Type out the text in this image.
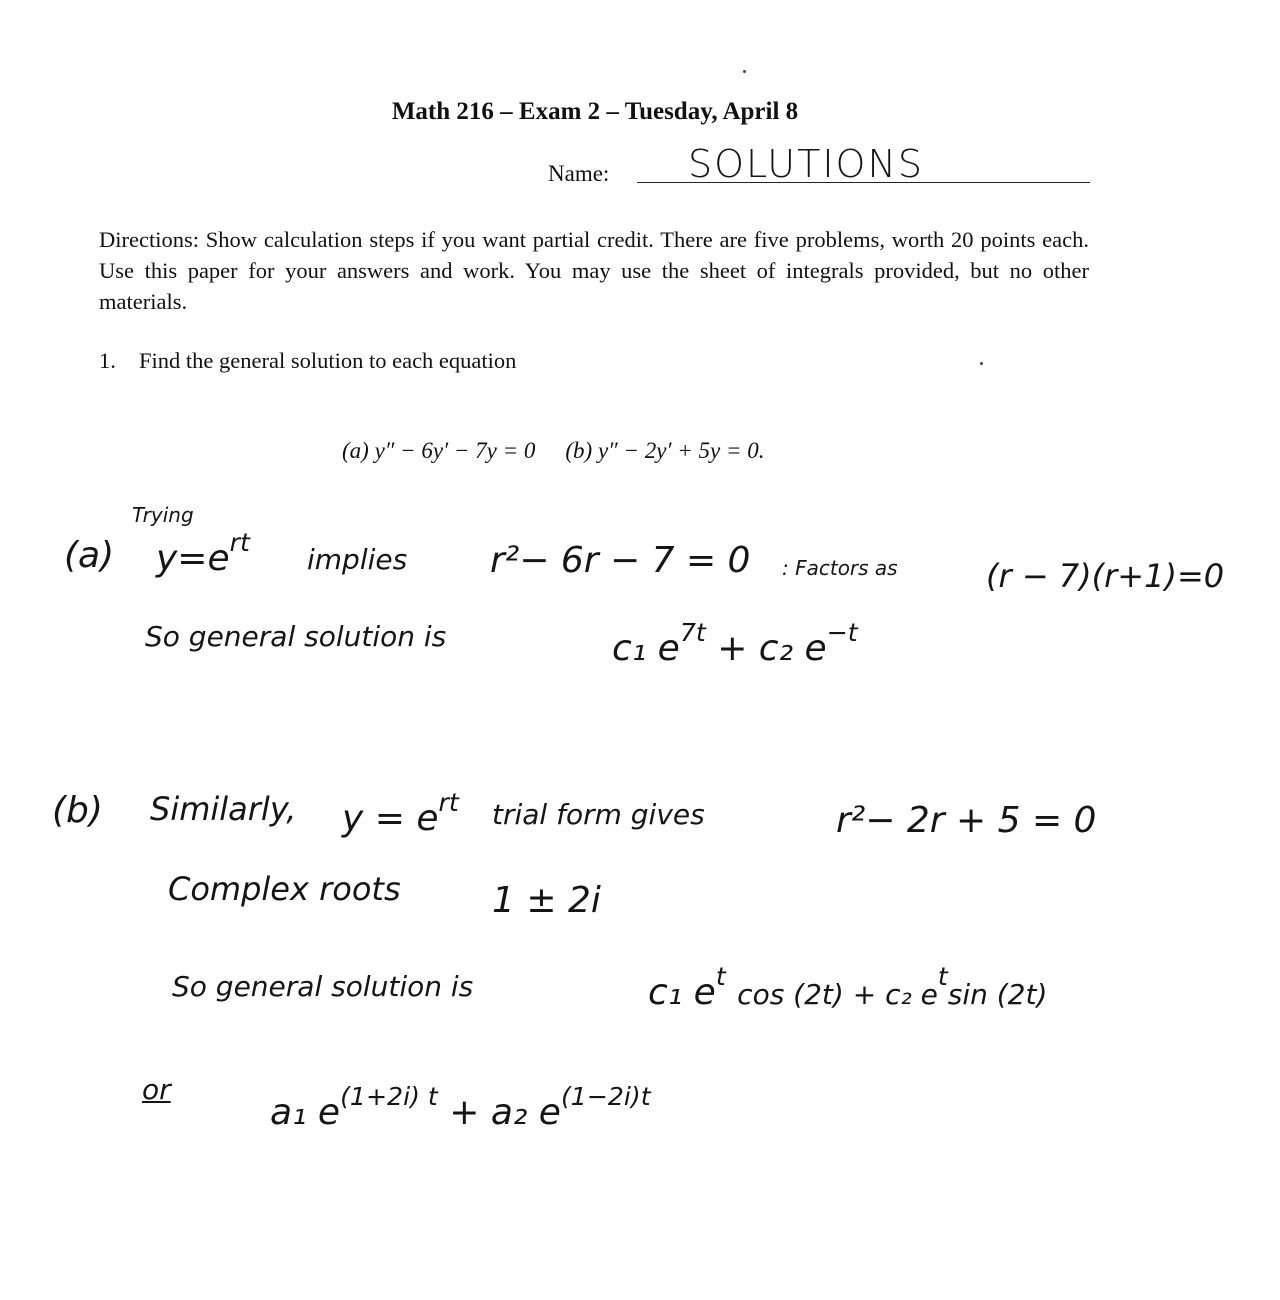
Math 216 – Exam 2 – Tuesday, April 8
Name: SOLUTIONS
Directions: Show calculation steps if you want partial credit. There are five problems, worth 20 points each. Use this paper for your answers and work. You may use the sheet of integrals provided, but no other materials.
1. Find the general solution to each equation
(a) y″ − 6y′ − 7y = 0 (b) y″ − 2y′ + 5y = 0.
Trying
(a) $y=e^{rt}$
implies r²− 6r − 7 = 0 : Factors as	(r − 7)(r+1)=0
So general solution is	c₁ $e^{7t} + c_2$ $e^{-t}$
(b) Similarly, $y = e^{rt}$ trial form gives	r²− 2r + 5 = 0
Complex roots	1 ± 2i
So general solution is	c₁ $e^t$ cos (2t) + c₂ $e^t\sin$ (2t)
or
a₁ $e^{(1+2i) t} + a_2$ $e^{(1-2i)t}$
